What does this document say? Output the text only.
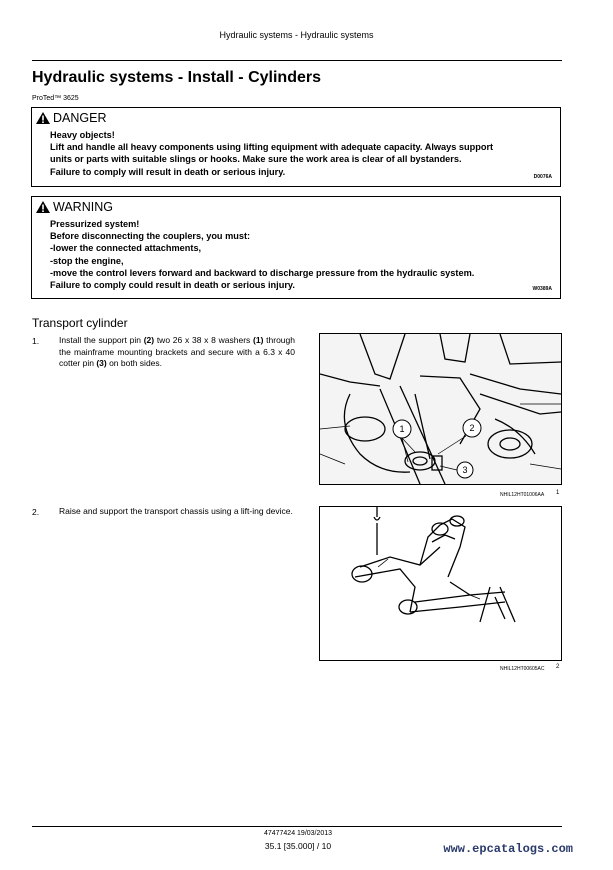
Hydraulic systems - Hydraulic systems
Hydraulic systems - Install - Cylinders
ProTed™ 3625
DANGER
Heavy objects!
Lift and handle all heavy components using lifting equipment with adequate capacity. Always support
units or parts with suitable slings or hooks. Make sure the work area is clear of all bystanders.
Failure to comply will result in death or serious injury.
D0076A
WARNING
Pressurized system!
Before disconnecting the couplers, you must:
-lower the connected attachments,
-stop the engine,
-move the control levers forward and backward to discharge pressure from the hydraulic system.
Failure to comply could result in death or serious injury.	W0389A
Transport cylinder
1. Install the support pin (2) two 26 x 38 x 8 washers (1) through the mainframe mounting brackets and secure with a 6.3 x 40 cotter pin (3) on both sides.
1	2
3
NHIL12HT01006AA 1
2. Raise and support the transport chassis using a lift-ing device.
NHIL12HT00605AC 2
47477424 19/03/2013
35.1 [35.000] / 10	www.epcatalogs.com
